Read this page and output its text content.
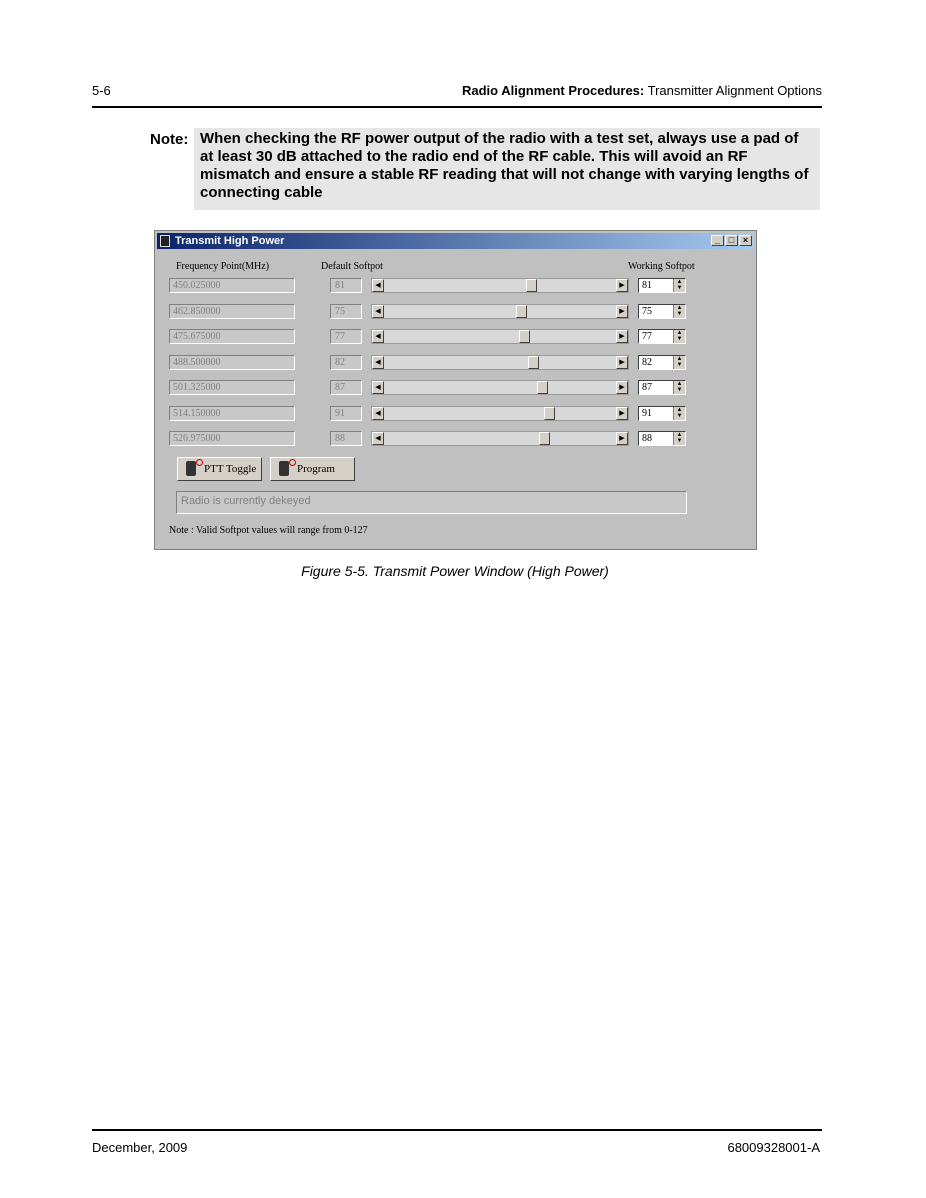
5-6	Radio Alignment Procedures: Transmitter Alignment Options
Note: When checking the RF power output of the radio with a test set, always use a pad of at least 30 dB attached to the radio end of the RF cable. This will avoid an RF mismatch and ensure a stable RF reading that will not change with varying lengths of connecting cable
Transmit High Power	_ □ ×
Frequency Point(MHz)	Default Softpot	Working Softpot
450.025000	81	◀	▶	81	▲
▼
462.850000	75	◀	▶	75	▲
▼
475.675000	77	◀	▶	77	▲
▼
488.500000	82	◀	▶	82	▲
▼
501.325000	87	◀	▶	87	▲
▼
514.150000	91	◀	▶	91	▲
▼
526.975000	88	◀	▶	88	▲
▼
PTT Toggle	Program
Radio is currently dekeyed
Note : Valid Softpot values will range from 0-127
Figure 5-5. Transmit Power Window (High Power)
December, 2009	68009328001-A
